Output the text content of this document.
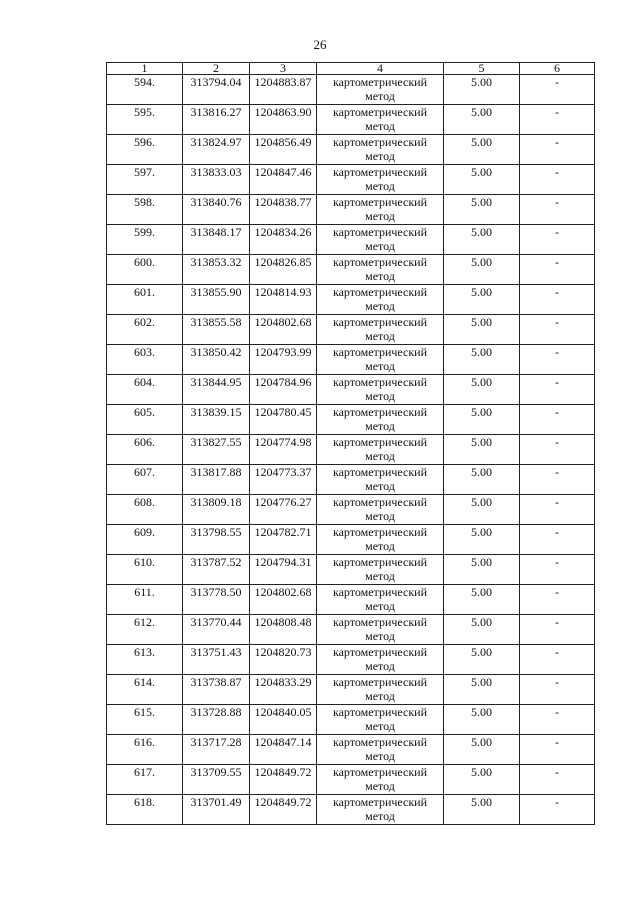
26
1	2	3	4	5	6
594.	313794.04	1204883.87	картометрический метод	5.00	-
595.	313816.27	1204863.90	картометрический метод	5.00	-
596.	313824.97	1204856.49	картометрический метод	5.00	-
597.	313833.03	1204847.46	картометрический метод	5.00	-
598.	313840.76	1204838.77	картометрический метод	5.00	-
599.	313848.17	1204834.26	картометрический метод	5.00	-
600.	313853.32	1204826.85	картометрический метод	5.00	-
601.	313855.90	1204814.93	картометрический метод	5.00	-
602.	313855.58	1204802.68	картометрический метод	5.00	-
603.	313850.42	1204793.99	картометрический метод	5.00	-
604.	313844.95	1204784.96	картометрический метод	5.00	-
605.	313839.15	1204780.45	картометрический метод	5.00	-
606.	313827.55	1204774.98	картометрический метод	5.00	-
607.	313817.88	1204773.37	картометрический метод	5.00	-
608.	313809.18	1204776.27	картометрический метод	5.00	-
609.	313798.55	1204782.71	картометрический метод	5.00	-
610.	313787.52	1204794.31	картометрический метод	5.00	-
611.	313778.50	1204802.68	картометрический метод	5.00	-
612.	313770.44	1204808.48	картометрический метод	5.00	-
613.	313751.43	1204820.73	картометрический метод	5.00	-
614.	313738.87	1204833.29	картометрический метод	5.00	-
615.	313728.88	1204840.05	картометрический метод	5.00	-
616.	313717.28	1204847.14	картометрический метод	5.00	-
617.	313709.55	1204849.72	картометрический метод	5.00	-
618.	313701.49	1204849.72	картометрический метод	5.00	-
